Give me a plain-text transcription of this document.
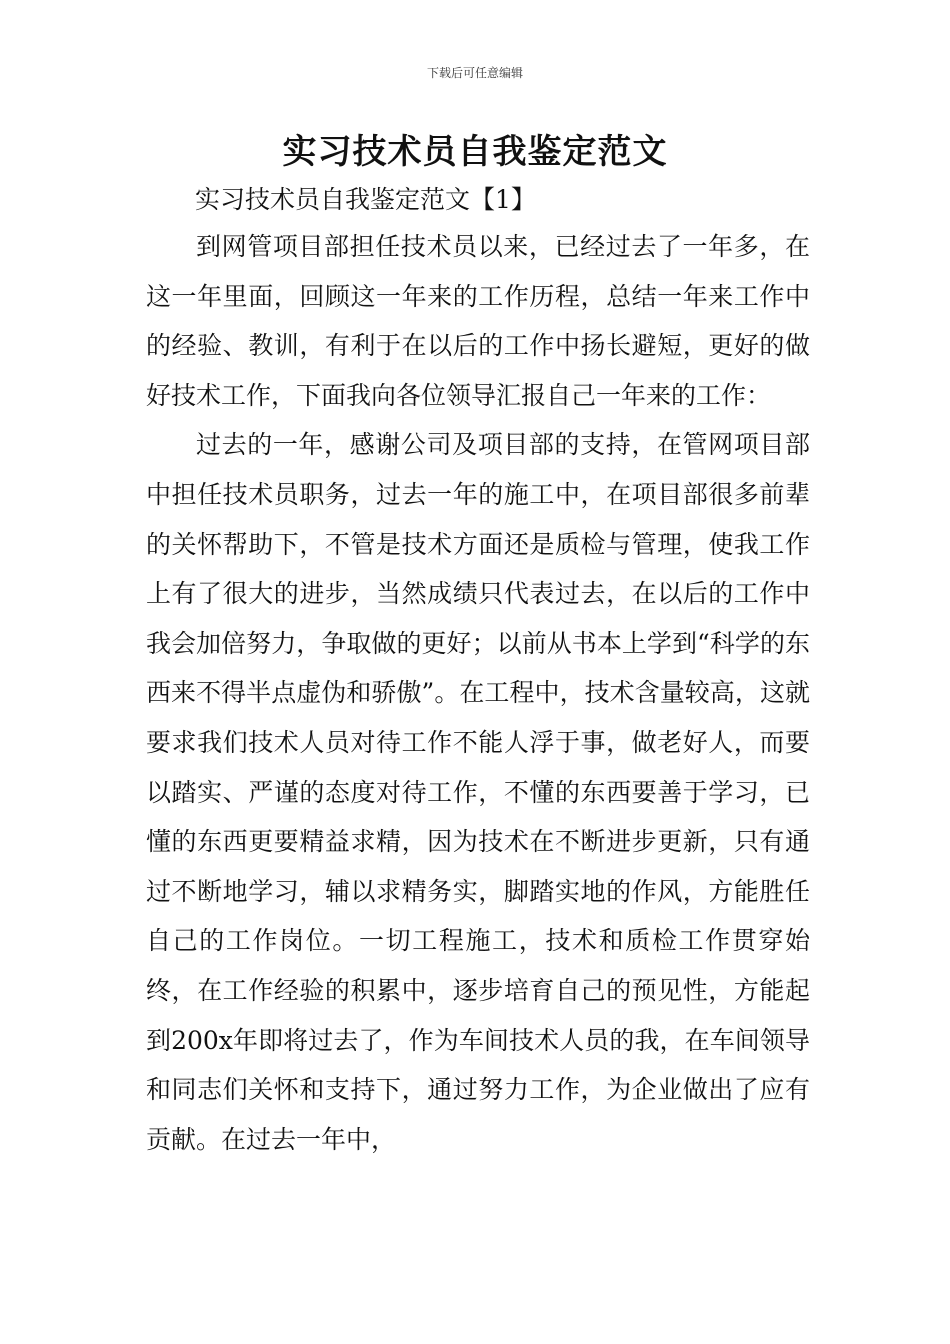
下载后可任意编辑
实习技术员自我鉴定范文
实习技术员自我鉴定范文【1】

到网管项目部担任技术员以来，已经过去了一年多，在这一年里面，回顾这一年来的工作历程，总结一年来工作中的经验、教训，有利于在以后的工作中扬长避短，更好的做好技术工作，下面我向各位领导汇报自己一年来的工作：

过去的一年，感谢公司及项目部的支持，在管网项目部中担任技术员职务，过去一年的施工中，在项目部很多前辈的关怀帮助下，不管是技术方面还是质检与管理，使我工作上有了很大的进步，当然成绩只代表过去，在以后的工作中我会加倍努力，争取做的更好；以前从书本上学到“科学的东西来不得半点虚伪和骄傲”。在工程中，技术含量较高，这就要求我们技术人员对待工作不能人浮于事，做老好人，而要以踏实、严谨的态度对待工作，不懂的东西要善于学习，已懂的东西更要精益求精，因为技术在不断进步更新，只有通过不断地学习，辅以求精务实，脚踏实地的作风，方能胜任自己的工作岗位。一切工程施工，技术和质检工作贯穿始终，在工作经验的积累中，逐步培育自己的预见性，方能起到200x年即将过去了，作为车间技术人员的我，在车间领导和同志们关怀和支持下，通过努力工作，为企业做出了应有贡献。在过去一年中，
